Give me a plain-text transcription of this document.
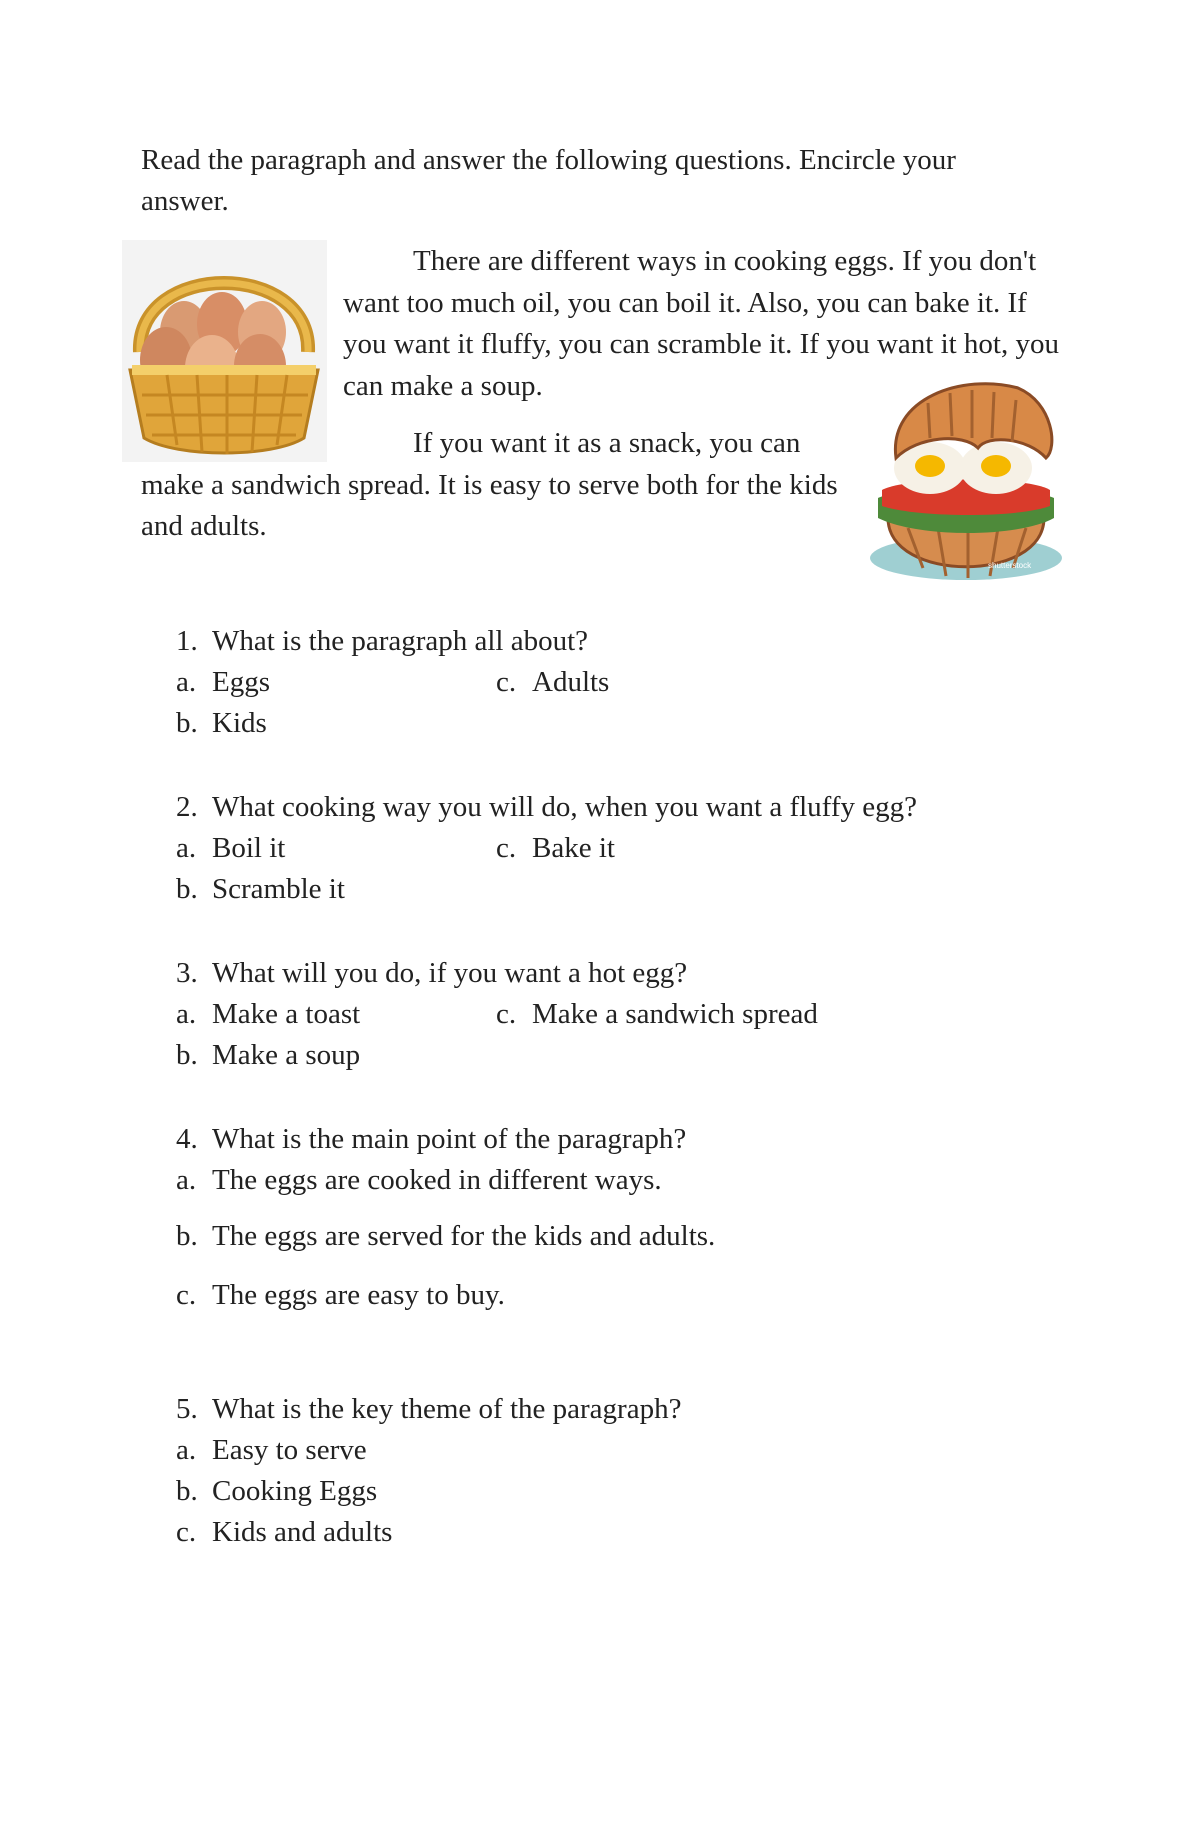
Read the paragraph and answer the following questions. Encircle your answer.

There are different ways in cooking eggs. If you don't want too much oil, you can boil it. Also, you can bake it. If you want it fluffy, you can scramble it. If you want it hot, you can make a soup.

If you want it as a snack, you can make a sandwich spread. It is easy to serve both for the kids and adults.

shutterstock
1. What is the paragraph all about?
a. Eggs	c. Adults
b. Kids
2. What cooking way you will do, when you want a fluffy egg?
a. Boil it	c. Bake it
b. Scramble it
3. What will you do, if you want a hot egg?
a. Make a toast	c. Make a sandwich spread
b. Make a soup
4. What is the main point of the paragraph?
a. The eggs are cooked in different ways.
b. The eggs are served for the kids and adults.
c. The eggs are easy to buy.
5. What is the key theme of the paragraph?
a. Easy to serve
b. Cooking Eggs
c. Kids and adults
